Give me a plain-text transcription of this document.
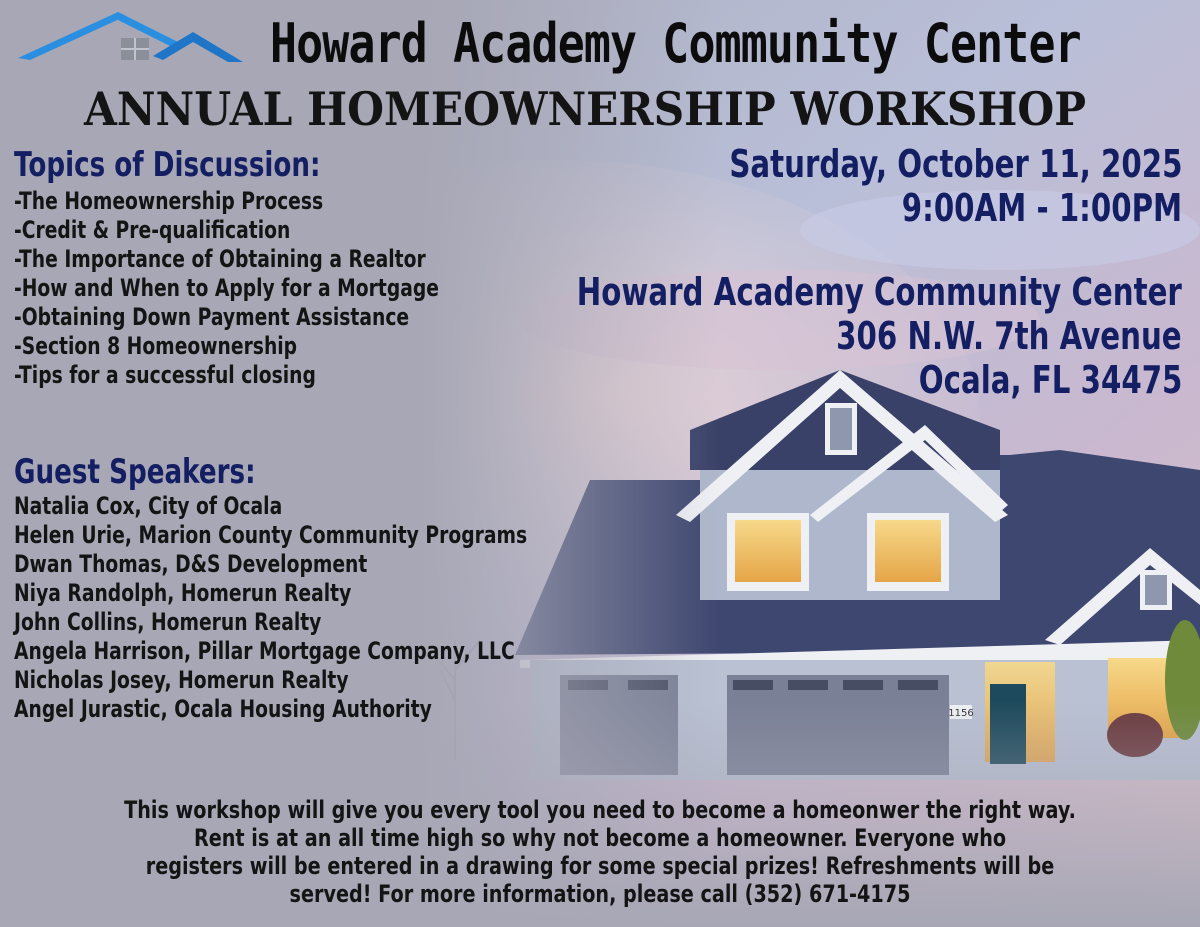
Howard Academy Community Center
ANNUAL HOMEOWNERSHIP WORKSHOP
Topics of Discussion:
-The Homeownership Process
-Credit & Pre-qualification
-The Importance of Obtaining a Realtor
-How and When to Apply for a Mortgage
-Obtaining Down Payment Assistance
-Section 8 Homeownership
-Tips for a successful closing
Saturday, October 11, 2025
9:00AM - 1:00PM
Howard Academy Community Center
306 N.W. 7th Avenue
Ocala, FL 34475
Guest Speakers:
Natalia Cox, City of Ocala
Helen Urie, Marion County Community Programs
Dwan Thomas, D&S Development
Niya Randolph, Homerun Realty
John Collins, Homerun Realty
Angela Harrison, Pillar Mortgage Company, LLC
Nicholas Josey, Homerun Realty
Angel Jurastic, Ocala Housing Authority

This workshop will give you every tool you need to become a homeonwer the right way.

Rent is at an all time high so why not become a homeowner. Everyone who

registers will be entered in a drawing for some special prizes! Refreshments will be

served! For more information, please call (352) 671-4175
